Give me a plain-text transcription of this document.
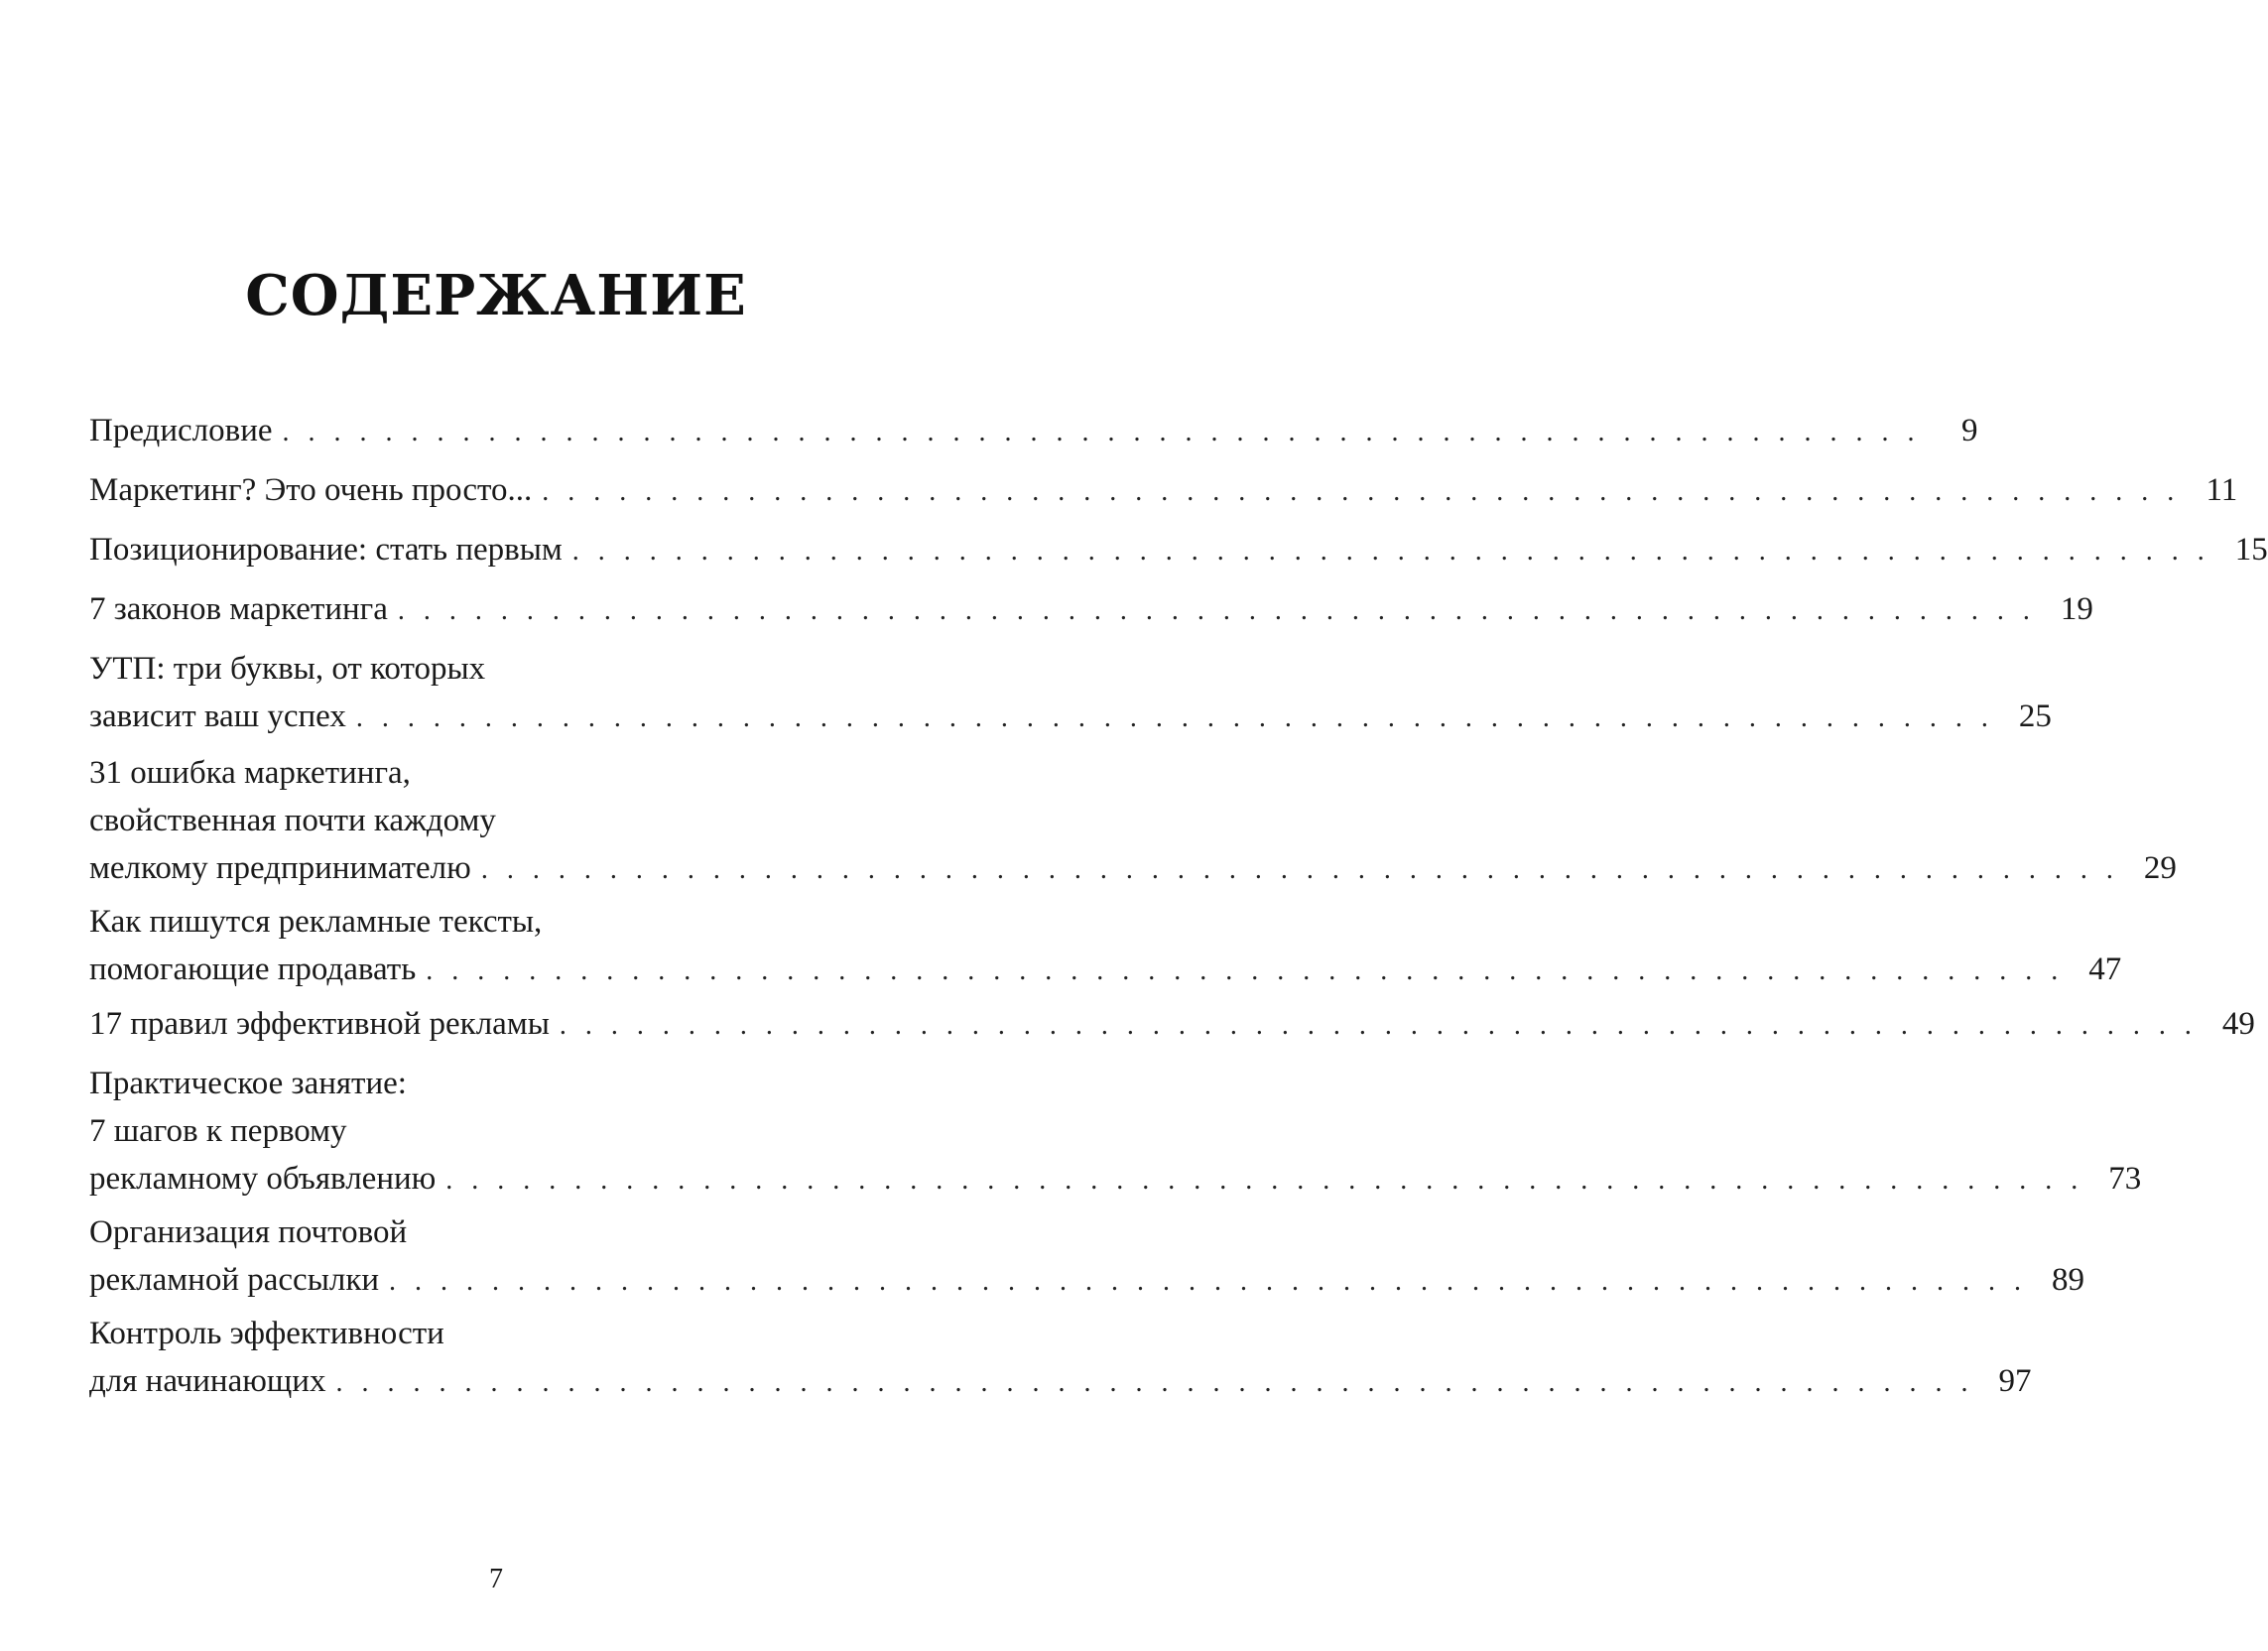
СОДЕРЖАНИЕ
Предисловие . . . . . . . . . . . . . . . . . . . . . . . . . . . . . . . . . . . . . . . . . . . . . . . . . . . . . . . . . . . . . . . .	9
Маркетинг? Это очень просто... . . . . . . . . . . . . . . . . . . . . . . . . . . . . . . . . . . . . . . . . . . . . . . . . . . . . . . . . . . . . . . . . 11
Позиционирование: стать первым . . . . . . . . . . . . . . . . . . . . . . . . . . . . . . . . . . . . . . . . . . . . . . . . . . . . . . . . . . . . . . . . 15
7 законов маркетинга . . . . . . . . . . . . . . . . . . . . . . . . . . . . . . . . . . . . . . . . . . . . . . . . . . . . . . . . . . . . . . . . 19
УТП: три буквы, от которых
зависит ваш успех . . . . . . . . . . . . . . . . . . . . . . . . . . . . . . . . . . . . . . . . . . . . . . . . . . . . . . . . . . . . . . . . 25
31 ошибка маркетинга,
свойственная почти каждому
мелкому предпринимателю . . . . . . . . . . . . . . . . . . . . . . . . . . . . . . . . . . . . . . . . . . . . . . . . . . . . . . . . . . . . . . . . 29
Как пишутся рекламные тексты,
помогающие продавать . . . . . . . . . . . . . . . . . . . . . . . . . . . . . . . . . . . . . . . . . . . . . . . . . . . . . . . . . . . . . . . . 47
17 правил эффективной рекламы . . . . . . . . . . . . . . . . . . . . . . . . . . . . . . . . . . . . . . . . . . . . . . . . . . . . . . . . . . . . . . . . 49
Практическое занятие:
7 шагов к первому
рекламному объявлению . . . . . . . . . . . . . . . . . . . . . . . . . . . . . . . . . . . . . . . . . . . . . . . . . . . . . . . . . . . . . . . . 73
Организация почтовой
рекламной рассылки . . . . . . . . . . . . . . . . . . . . . . . . . . . . . . . . . . . . . . . . . . . . . . . . . . . . . . . . . . . . . . . . 89
Контроль эффективности
для начинающих . . . . . . . . . . . . . . . . . . . . . . . . . . . . . . . . . . . . . . . . . . . . . . . . . . . . . . . . . . . . . . . . 97
7
